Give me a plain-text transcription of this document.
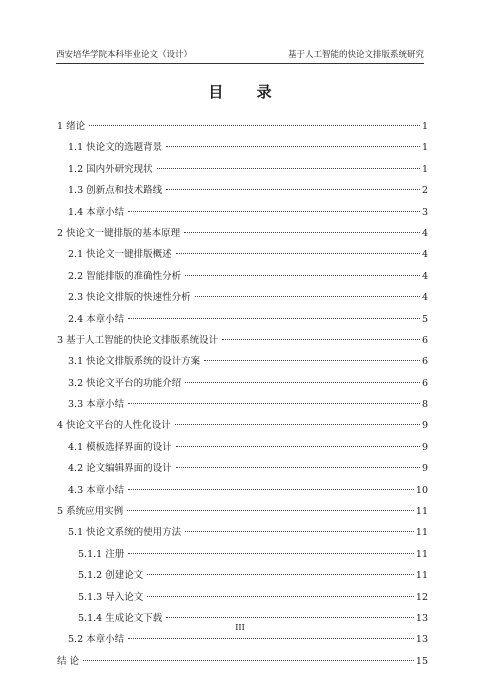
西安培华学院本科毕业论文（设计）	基于人工智能的快论文排版系统研究
目 录
1 绪论	1
1.1 快论文的选题背景	1
1.2 国内外研究现状	1
1.3 创新点和技术路线	2
1.4 本章小结	3
2 快论文一键排版的基本原理	4
2.1 快论文一键排版概述	4
2.2 智能排版的准确性分析	4
2.3 快论文排版的快速性分析	4
2.4 本章小结	5
3 基于人工智能的快论文排版系统设计	6
3.1 快论文排版系统的设计方案	6
3.2 快论文平台的功能介绍	6
3.3 本章小结	8
4 快论文平台的人性化设计	9
4.1 模板选择界面的设计	9
4.2 论文编辑界面的设计	9
4.3 本章小结	10
5 系统应用实例	11
5.1 快论文系统的使用方法	11
5.1.1 注册	11
5.1.2 创建论文	11
5.1.3 导入论文	12
5.1.4 生成论文下载	13
5.2 本章小结	13
结 论	15
III
